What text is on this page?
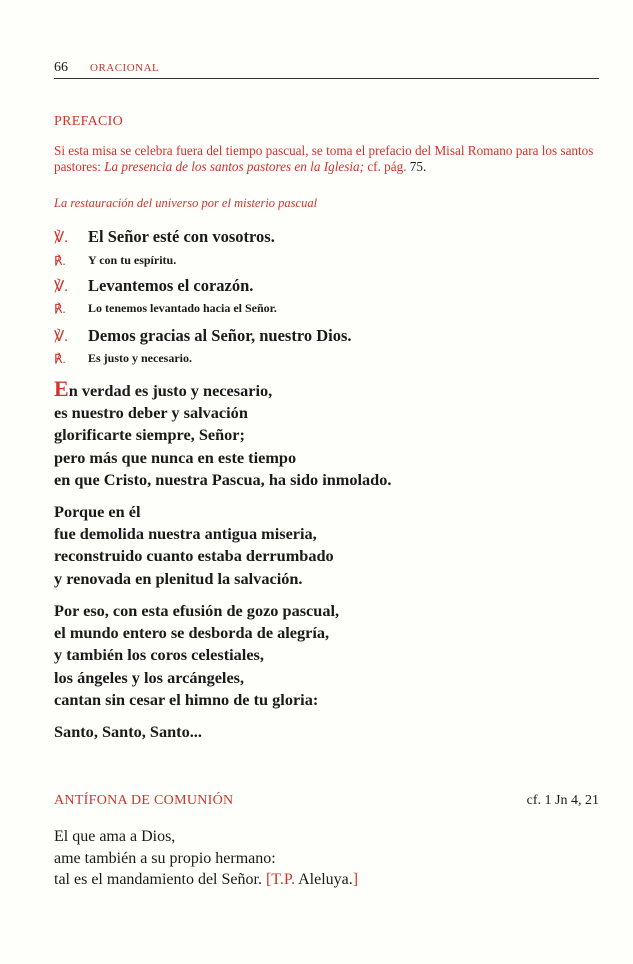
66 ORACIONAL
PREFACIO
Si esta misa se celebra fuera del tiempo pascual, se toma el prefacio del Misal Romano para los santos pastores: La presencia de los santos pastores en la Iglesia; cf. pág. 75.
La restauración del universo por el misterio pascual
℣. El Señor esté con vosotros.
℟.	Y con tu espíritu.
℣. Levantemos el corazón.
℟.	Lo tenemos levantado hacia el Señor.
℣. Demos gracias al Señor, nuestro Dios.
℟.	Es justo y necesario.

En verdad es justo y necesario,

es nuestro deber y salvación

glorificarte siempre, Señor;

pero más que nunca en este tiempo

en que Cristo, nuestra Pascua, ha sido inmolado.

Porque en él

fue demolida nuestra antigua miseria,

reconstruido cuanto estaba derrumbado

y renovada en plenitud la salvación.

Por eso, con esta efusión de gozo pascual,

el mundo entero se desborda de alegría,

y también los coros celestiales,

los ángeles y los arcángeles,

cantan sin cesar el himno de tu gloria:

Santo, Santo, Santo...
ANTÍFONA DE COMUNIÓN	cf. 1 Jn 4, 21

El que ama a Dios,

ame también a su propio hermano:

tal es el mandamiento del Señor. [T.P. Aleluya.]
